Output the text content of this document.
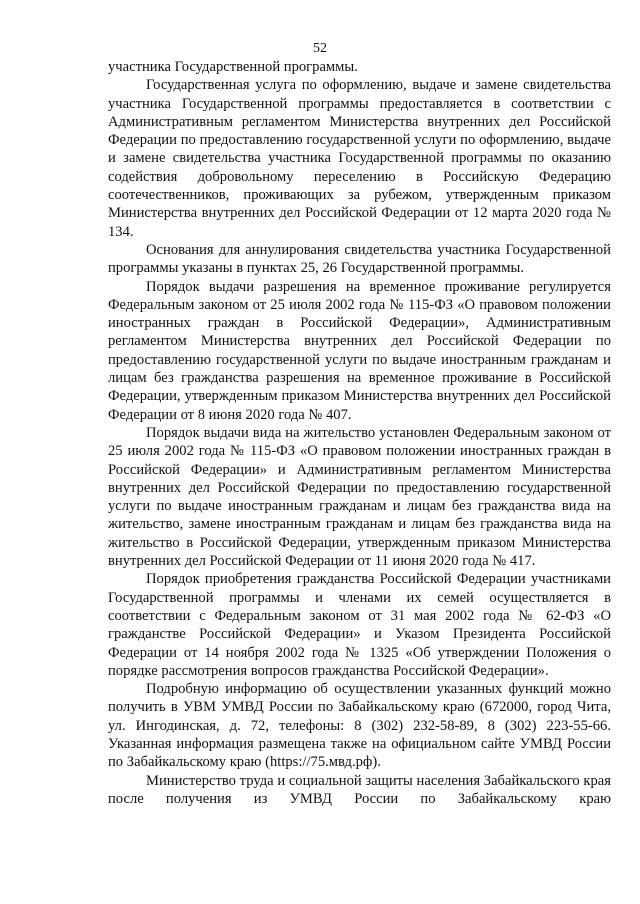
52

участника Государственной программы.

Государственная услуга по оформлению, выдаче и замене свидетельства участника Государственной программы предоставляется в соответствии с Административным регламентом Министерства внутренних дел Российской Федерации по предоставлению государственной услуги по оформлению, выдаче и замене свидетельства участника Государственной программы по оказанию содействия добровольному переселению в Российскую Федерацию соотечественников, проживающих за рубежом, утвержденным приказом Министерства внутренних дел Российской Федерации от 12 марта 2020 года № 134.

Основания для аннулирования свидетельства участника Государственной программы указаны в пунктах 25, 26 Государственной программы.

Порядок выдачи разрешения на временное проживание регулируется Федеральным законом от 25 июля 2002 года № 115-ФЗ «О правовом положении иностранных граждан в Российской Федерации», Административным регламентом Министерства внутренних дел Российской Федерации по предоставлению государственной услуги по выдаче иностранным гражданам и лицам без гражданства разрешения на временное проживание в Российской Федерации, утвержденным приказом Министерства внутренних дел Российской Федерации от 8 июня 2020 года № 407.

Порядок выдачи вида на жительство установлен Федеральным законом от 25 июля 2002 года № 115-ФЗ «О правовом положении иностранных граждан в Российской Федерации» и Административным регламентом Министерства внутренних дел Российской Федерации по предоставлению государственной услуги по выдаче иностранным гражданам и лицам без гражданства вида на жительство, замене иностранным гражданам и лицам без гражданства вида на жительство в Российской Федерации, утвержденным приказом Министерства внутренних дел Российской Федерации от 11 июня 2020 года № 417.

Порядок приобретения гражданства Российской Федерации участниками Государственной программы и членами их семей осуществляется в соответствии с Федеральным законом от 31 мая 2002 года № 62-ФЗ «О гражданстве Российской Федерации» и Указом Президента Российской Федерации от 14 ноября 2002 года № 1325 «Об утверждении Положения о порядке рассмотрения вопросов гражданства Российской Федерации».

Подробную информацию об осуществлении указанных функций можно получить в УВМ УМВД России по Забайкальскому краю (672000, город Чита, ул. Ингодинская, д. 72, телефоны: 8 (302) 232-58-89, 8 (302) 223-55-66. Указанная информация размещена также на официальном сайте УМВД России по Забайкальскому краю (https://75.мвд.рф).

Министерство труда и социальной защиты населения Забайкальского края после получения из УМВД России по Забайкальскому краю
